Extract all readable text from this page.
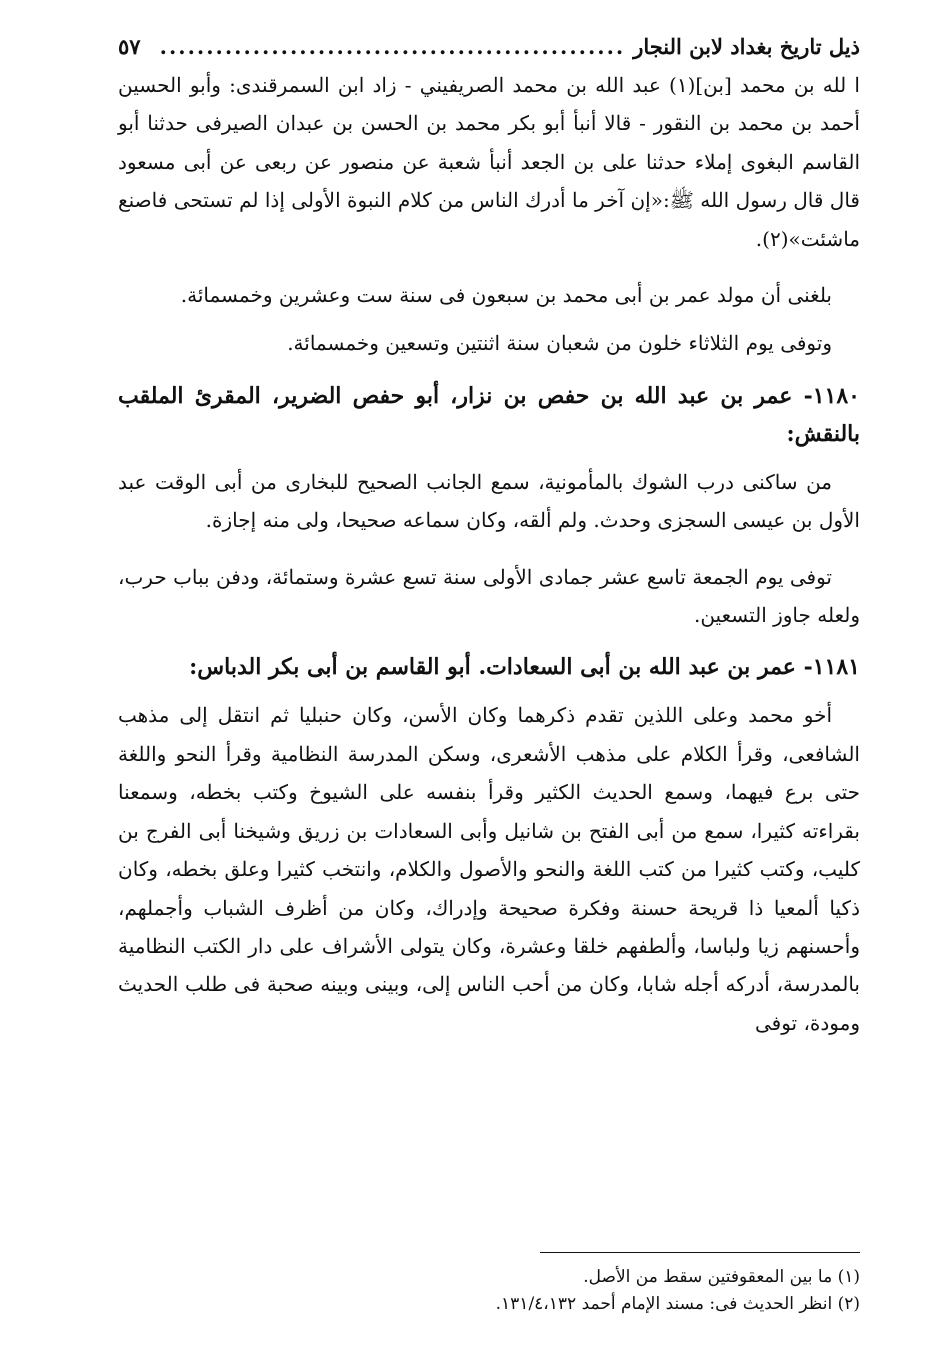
ذيل تاريخ بغداد لابن النجار
.....
٥٧

ا لله بن محمد [بن](١) عبد الله بن محمد الصريفيني - زاد ابن السمرقندى: وأبو الحسين أحمد بن محمد بن النقور - قالا أنبأ أبو بكر محمد بن الحسن بن عبدان الصيرفى حدثنا أبو القاسم البغوى إملاء حدثنا على بن الجعد أنبأ شعبة عن منصور عن ربعى عن أبى مسعود قال قال رسول الله ﷺ:«إن آخر ما أدرك الناس من كلام النبوة الأولى إذا لم تستحى فاصنع ماشئت»(٢).

بلغنى أن مولد عمر بن أبى محمد بن سبعون فى سنة ست وعشرين وخمسمائة.

وتوفى يوم الثلاثاء خلون من شعبان سنة اثنتين وتسعين وخمسمائة.

١١٨٠- عمر بن عبد الله بن حفص بن نزار، أبو حفص الضرير، المقرئ الملقب بالنقش:

من ساكنى درب الشوك بالمأمونية، سمع الجانب الصحيح للبخارى من أبى الوقت عبد الأول بن عيسى السجزى وحدث. ولم ألقه، وكان سماعه صحيحا، ولى منه إجازة.

توفى يوم الجمعة تاسع عشر جمادى الأولى سنة تسع عشرة وستمائة، ودفن بباب حرب، ولعله جاوز التسعين.

١١٨١- عمر بن عبد الله بن أبى السعادات. أبو القاسم بن أبى بكر الدباس:

أخو محمد وعلى اللذين تقدم ذكرهما وكان الأسن، وكان حنبليا ثم انتقل إلى مذهب الشافعى، وقرأ الكلام على مذهب الأشعرى، وسكن المدرسة النظامية وقرأ النحو واللغة حتى برع فيهما، وسمع الحديث الكثير وقرأ بنفسه على الشيوخ وكتب بخطه، وسمعنا بقراءته كثيرا، سمع من أبى الفتح بن شانيل وأبى السعادات بن زريق وشيخنا أبى الفرج بن كليب، وكتب كثيرا من كتب اللغة والنحو والأصول والكلام، وانتخب كثيرا وعلق بخطه، وكان ذكيا ألمعيا ذا قريحة حسنة وفكرة صحيحة وإدراك، وكان من أظرف الشباب وأجملهم، وأحسنهم زيا ولباسا، وألطفهم خلقا وعشرة، وكان يتولى الأشراف على دار الكتب النظامية بالمدرسة، أدركه أجله شابا، وكان من أحب الناس إلى، وبينى وبينه صحبة فى طلب الحديث ومودة، توفى

(١) ما بين المعقوفتين سقط من الأصل.

(٢) انظر الحديث فى: مسند الإمام أحمد ١٣١/٤،١٣٢.
